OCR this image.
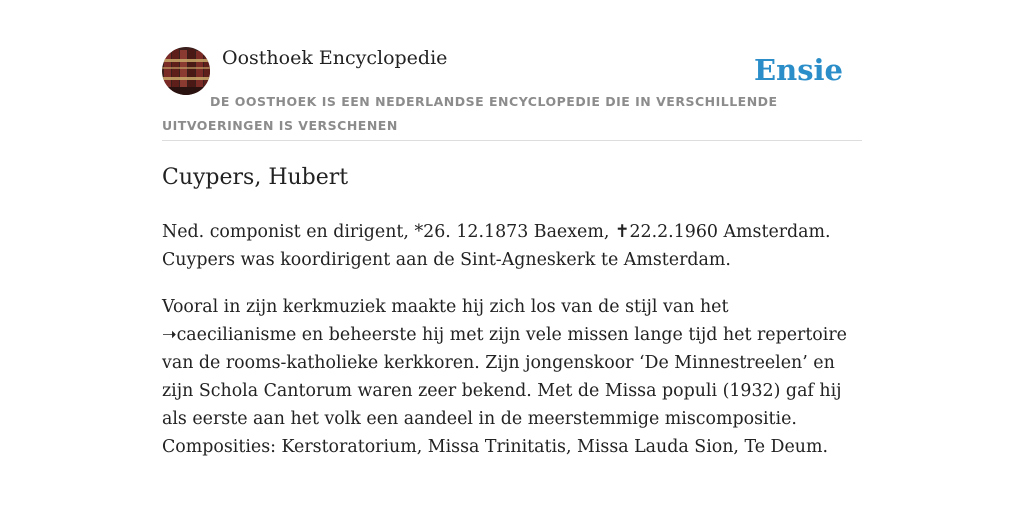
Oosthoek Encyclopedie	Ensie
DE OOSTHOEK IS EEN NEDERLANDSE ENCYCLOPEDIE DIE IN VERSCHILLENDE UITVOERINGEN IS VERSCHENEN
Cuypers, Hubert

Ned. componist en dirigent, *26. 12.1873 Baexem, ✝22.2.1960 Amsterdam. Cuypers was koordirigent aan de Sint-Agneskerk te Amsterdam.

Vooral in zijn kerkmuziek maakte hij zich los van de stijl van het ➝caecilianisme en beheerste hij met zijn vele missen lange tijd het repertoire van de rooms-katholieke kerkkoren. Zijn jongenskoor ‘De Minnestreelen’ en zijn Schola Cantorum waren zeer bekend. Met de Missa populi (1932) gaf hij als eerste aan het volk een aandeel in de meerstemmige miscompositie. Composities: Kerstoratorium, Missa Trinitatis, Missa Lauda Sion, Te Deum.
